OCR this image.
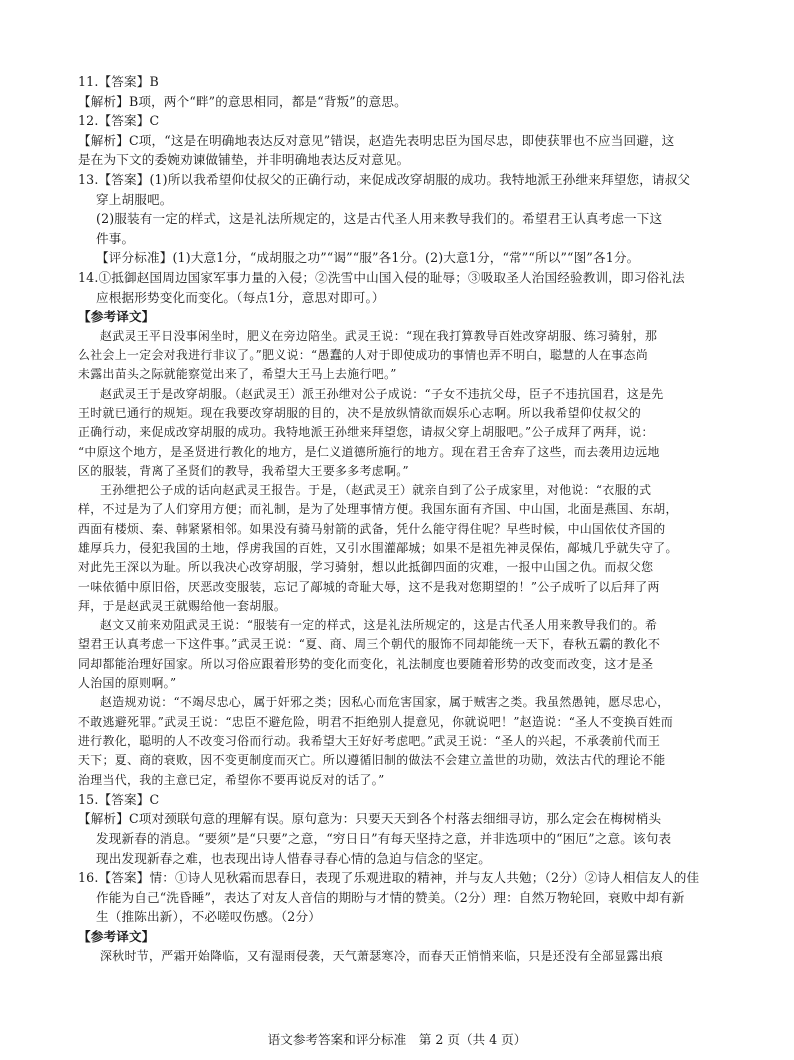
11.【答案】B
【解析】B项，两个“畔”的意思相同，都是“背叛”的意思。
12.【答案】C
【解析】C项，“这是在明确地表达反对意见”错误，赵造先表明忠臣为国尽忠，即使获罪也不应当回避，这
是在为下文的委婉劝谏做铺垫，并非明确地表达反对意见。
13.【答案】(1)所以我希望仰仗叔父的正确行动，来促成改穿胡服的成功。我特地派王孙绁来拜望您，请叔父
穿上胡服吧。
(2)服装有一定的样式，这是礼法所规定的，这是古代圣人用来教导我们的。希望君王认真考虑一下这
件事。
【评分标准】(1)大意1分，“成胡服之功”“谒”“服”各1分。(2)大意1分，“常”“所以”“图”各1分。
14.①抵御赵国周边国家军事力量的入侵；②洗雪中山国入侵的耻辱；③吸取圣人治国经验教训，即习俗礼法
应根据形势变化而变化。（每点1分，意思对即可。）
【参考译文】
赵武灵王平日没事闲坐时，肥义在旁边陪坐。武灵王说：“现在我打算教导百姓改穿胡服、练习骑射，那
么社会上一定会对我进行非议了。”肥义说：“愚蠢的人对于即使成功的事情也弄不明白，聪慧的人在事态尚
未露出苗头之际就能察觉出来了，希望大王马上去施行吧。”
赵武灵王于是改穿胡服。（赵武灵王）派王孙绁对公子成说：“子女不违抗父母，臣子不违抗国君，这是先
王时就已通行的规矩。现在我要改穿胡服的目的，决不是放纵情欲而娱乐心志啊。所以我希望仰仗叔父的
正确行动，来促成改穿胡服的成功。我特地派王孙绁来拜望您，请叔父穿上胡服吧。”公子成拜了两拜，说：
“中原这个地方，是圣贤进行教化的地方，是仁义道德所施行的地方。现在君王舍弃了这些，而去袭用边远地
区的服装，背离了圣贤们的教导，我希望大王要多多考虑啊。”
王孙绁把公子成的话向赵武灵王报告。于是，（赵武灵王）就亲自到了公子成家里，对他说：“衣服的式
样，不过是为了人们穿用方便；而礼制，是为了处理事情方便。我国东面有齐国、中山国，北面是燕国、东胡，
西面有楼烦、秦、韩紧紧相邻。如果没有骑马射箭的武备，凭什么能守得住呢？早些时候，中山国依仗齐国的
雄厚兵力，侵犯我国的土地，俘虏我国的百姓，又引水围灌鄗城；如果不是祖先神灵保佑，鄗城几乎就失守了。
对此先王深以为耻。所以我决心改穿胡服，学习骑射，想以此抵御四面的灾难，一报中山国之仇。而叔父您
一味依循中原旧俗，厌恶改变服装，忘记了鄗城的奇耻大辱，这不是我对您期望的！”公子成听了以后拜了两
拜，于是赵武灵王就赐给他一套胡服。
赵文又前来劝阻武灵王说：“服装有一定的样式，这是礼法所规定的，这是古代圣人用来教导我们的。希
望君王认真考虑一下这件事。”武灵王说：“夏、商、周三个朝代的服饰不同却能统一天下，春秋五霸的教化不
同却都能治理好国家。所以习俗应跟着形势的变化而变化，礼法制度也要随着形势的改变而改变，这才是圣
人治国的原则啊。”
赵造规劝说：“不竭尽忠心，属于奸邪之类；因私心而危害国家，属于贼害之类。我虽然愚钝，愿尽忠心，
不敢逃避死罪。”武灵王说：“忠臣不避危险，明君不拒绝别人提意见，你就说吧！”赵造说：“圣人不变换百姓而
进行教化，聪明的人不改变习俗而行动。我希望大王好好考虑吧。”武灵王说：“圣人的兴起，不承袭前代而王
天下；夏、商的衰败，因不变更制度而灭亡。所以遵循旧制的做法不会建立盖世的功勋，效法古代的理论不能
治理当代，我的主意已定，希望你不要再说反对的话了。”
15.【答案】C
【解析】C项对颈联句意的理解有误。原句意为：只要天天到各个村落去细细寻访，那么定会在梅树梢头
发现新春的消息。“要须”是“只要”之意，“穷日日”有每天坚持之意，并非选项中的“困厄”之意。该句表
现出发现新春之难，也表现出诗人惜春寻春心情的急迫与信念的坚定。
16.【答案】情：①诗人见秋霜而思春日，表现了乐观进取的精神，并与友人共勉；（2分）②诗人相信友人的佳
作能为自己“洗昏睡”，表达了对友人音信的期盼与才情的赞美。（2分）理：自然万物轮回，衰败中却有新
生（推陈出新），不必嗟叹伤感。（2分）
【参考译文】
深秋时节，严霜开始降临，又有湿雨侵袭，天气萧瑟寒冷，而春天正悄悄来临，只是还没有全部显露出痕
语文参考答案和评分标准　第 2 页（共 4 页）
